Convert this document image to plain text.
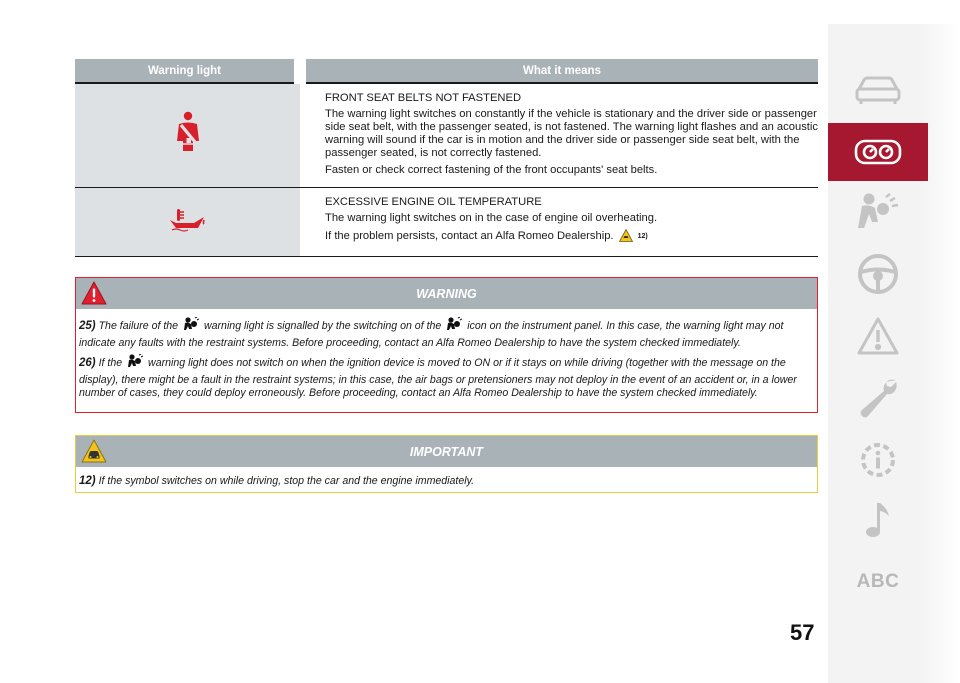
Warning light	What it means

FRONT SEAT BELTS NOT FASTENED

The warning light switches on constantly if the vehicle is stationary and the driver side or passenger side seat belt, with the passenger seated, is not fastened. The warning light flashes and an acoustic warning will sound if the car is in motion and the driver side or passenger side seat belt, with the passenger seated, is not correctly fastened.

Fasten or check correct fastening of the front occupants' seat belts.

EXCESSIVE ENGINE OIL TEMPERATURE

The warning light switches on in the case of engine oil overheating.

If the problem persists, contact an Alfa Romeo Dealership. 12)

WARNING

25) The failure of the warning light is signalled by the switching on of the icon on the instrument panel. In this case, the warning light may not indicate any faults with the restraint systems. Before proceeding, contact an Alfa Romeo Dealership to have the system checked immediately.

26) If the warning light does not switch on when the ignition device is moved to ON or if it stays on while driving (together with the message on the display), there might be a fault in the restraint systems; in this case, the air bags or pretensioners may not deploy in the event of an accident or, in a lower number of cases, they could deploy erroneously. Before proceeding, contact an Alfa Romeo Dealership to have the system checked immediately.

IMPORTANT

12) If the symbol switches on while driving, stop the car and the engine immediately.

ABC
57
